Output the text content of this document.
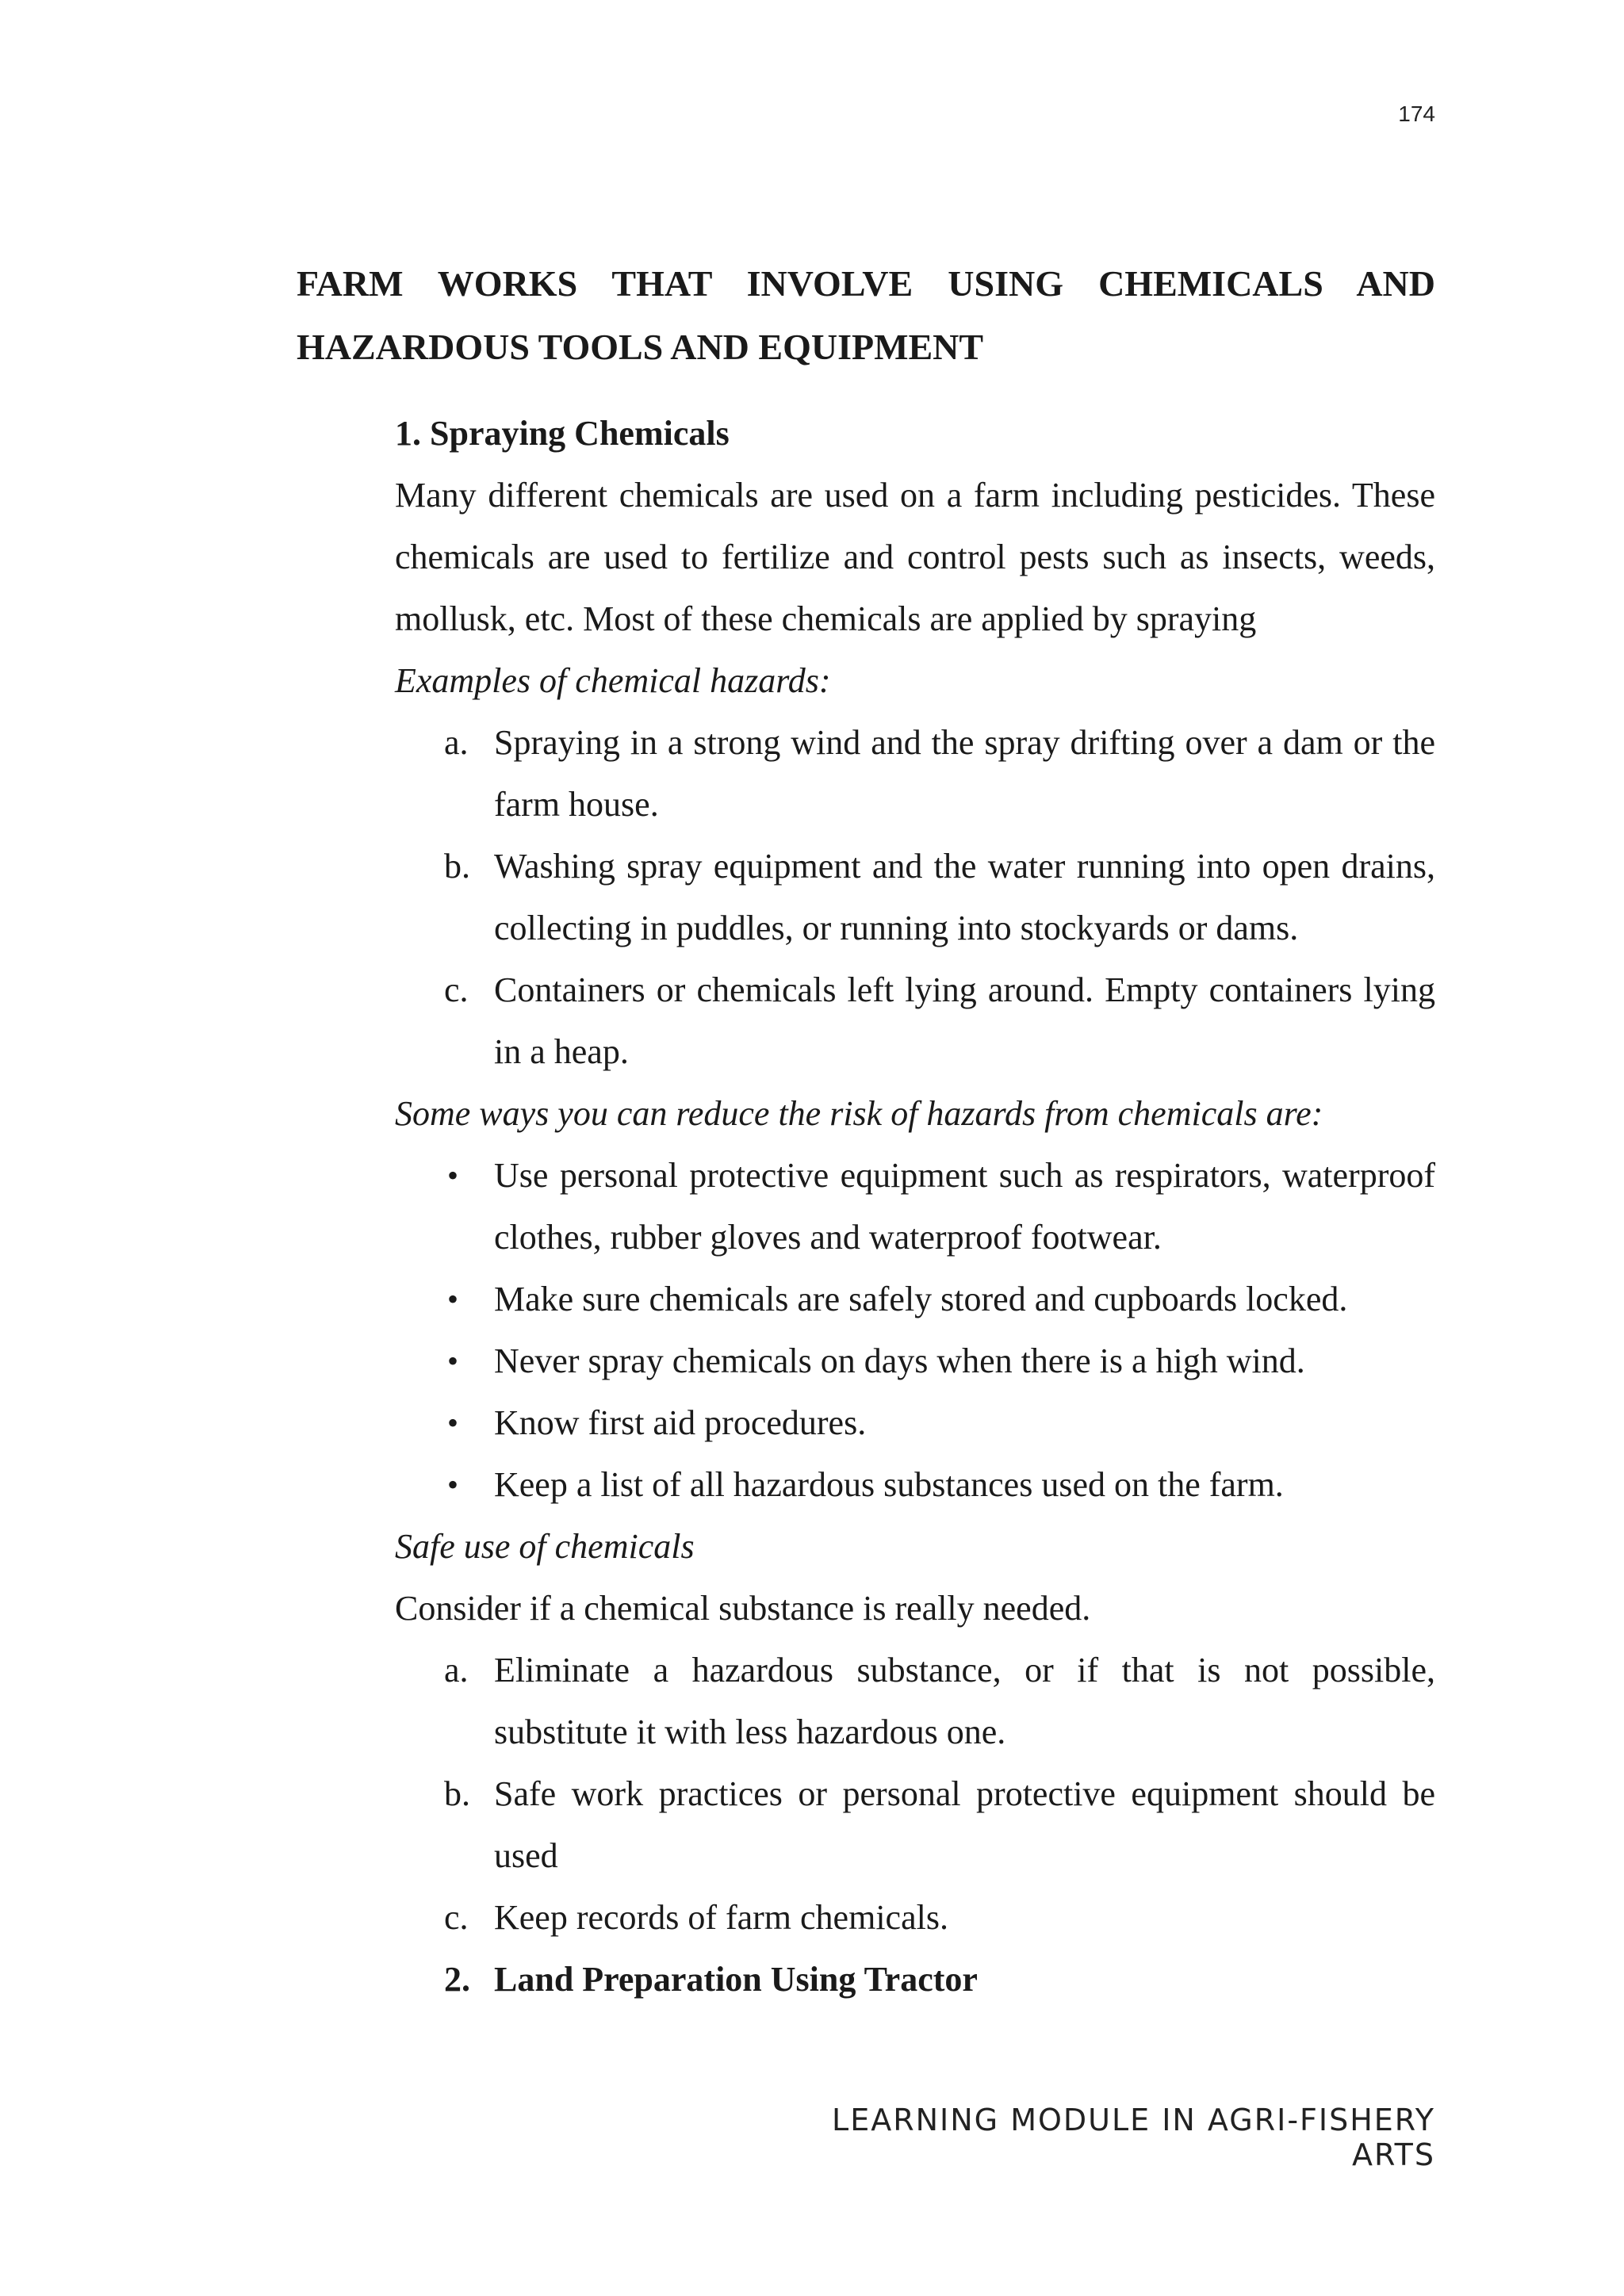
174
FARM WORKS THAT INVOLVE USING CHEMICALS AND
HAZARDOUS TOOLS AND EQUIPMENT

1. Spraying Chemicals

Many different chemicals are used on a farm including pesticides. These chemicals are used to fertilize and control pests such as insects, weeds, mollusk, etc. Most of these chemicals are applied by spraying

Examples of chemical hazards:

a. Spraying in a strong wind and the spray drifting over a dam or the farm house.
b. Washing spray equipment and the water running into open drains, collecting in puddles, or running into stockyards or dams.
c. Containers or chemicals left lying around. Empty containers lying in a heap.

Some ways you can reduce the risk of hazards from chemicals are:

•	Use personal protective equipment such as respirators, waterproof clothes, rubber gloves and waterproof footwear.
•	Make sure chemicals are safely stored and cupboards locked.
•	Never spray chemicals on days when there is a high wind.
•	Know first aid procedures.
•	Keep a list of all hazardous substances used on the farm.

Safe use of chemicals

Consider if a chemical substance is really needed.

a. Eliminate a hazardous substance, or if that is not possible, substitute it with less hazardous one.
b. Safe work practices or personal protective equipment should be used
c. Keep records of farm chemicals.
2. Land Preparation Using Tractor
LEARNING MODULE IN AGRI-FISHERY ARTS
